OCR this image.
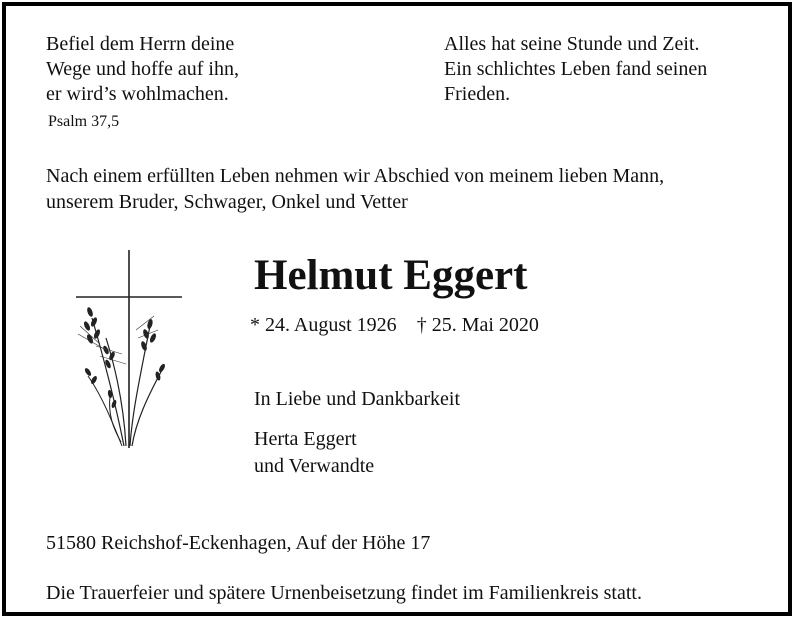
Befiel dem Herrn deine
Wege und hoffe auf ihn,
er wird’s wohlmachen.
Psalm 37,5
Alles hat seine Stunde und Zeit.
Ein schlichtes Leben fand seinen
Frieden.
Nach einem erfüllten Leben nehmen wir Abschied von meinem lieben Mann,
unserem Bruder, Schwager, Onkel und Vetter
Helmut Eggert
* 24. August 1926 † 25. Mai 2020
In Liebe und Dankbarkeit
Herta Eggert
und Verwandte
51580 Reichshof-Eckenhagen, Auf der Höhe 17
Die Trauerfeier und spätere Urnenbeisetzung findet im Familienkreis statt.
